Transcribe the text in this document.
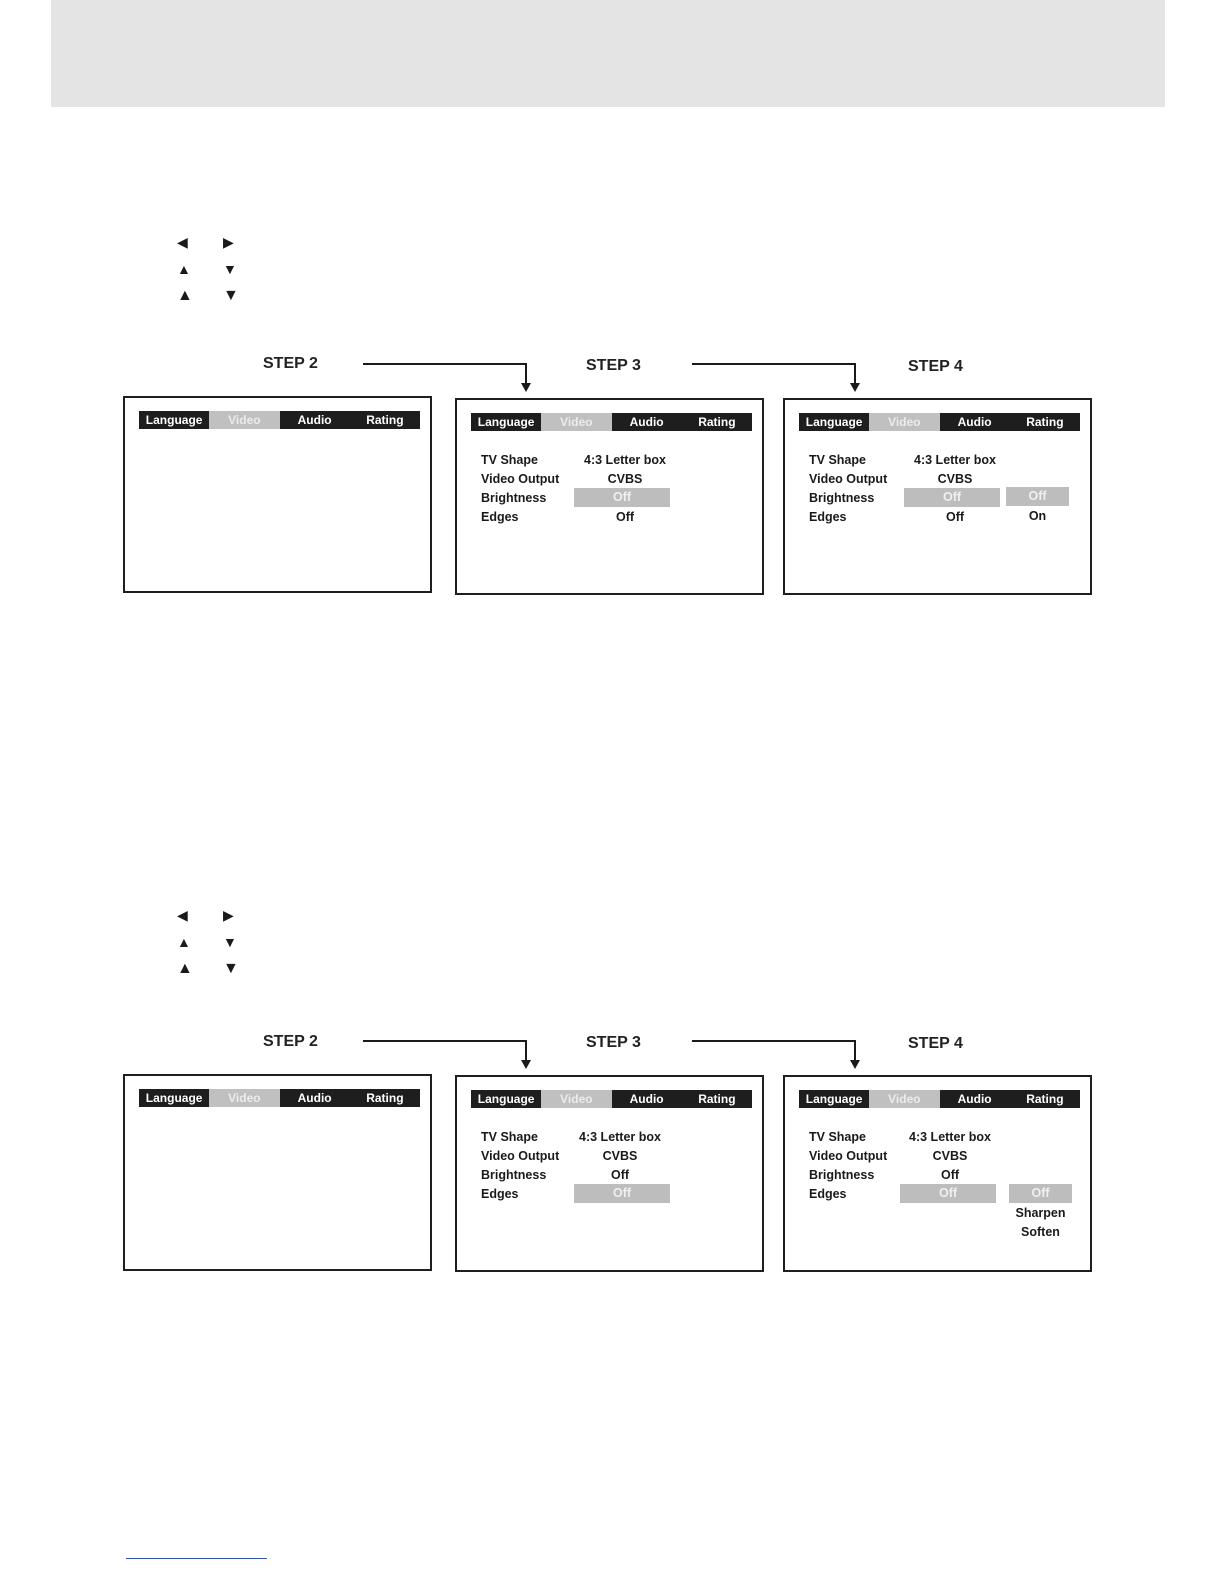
◀	▶
▲ ▼
▲ ▼
STEP 2	STEP 3	STEP 4
Language	Video	Audio	Rating	Language	Video	Audio	Rating
TV Shape	4:3 Letter box
Video Output	CVBS
Brightness	Off
Edges	Off
Language	Video	Audio	Rating
TV Shape	4:3 Letter box
Video Output	CVBS
Brightness	Off
Edges	Off
Off
On
◀	▶
▲ ▼
▲ ▼
STEP 2	STEP 3	STEP 4
Language	Video	Audio	Rating	Language	Video	Audio	Rating
TV Shape	4:3 Letter box
Video Output	CVBS
Brightness	Off
Edges	Off
Language	Video	Audio	Rating
TV Shape	4:3 Letter box
Video Output	CVBS
Brightness	Off
Edges	Off	Off
Sharpen
Soften
